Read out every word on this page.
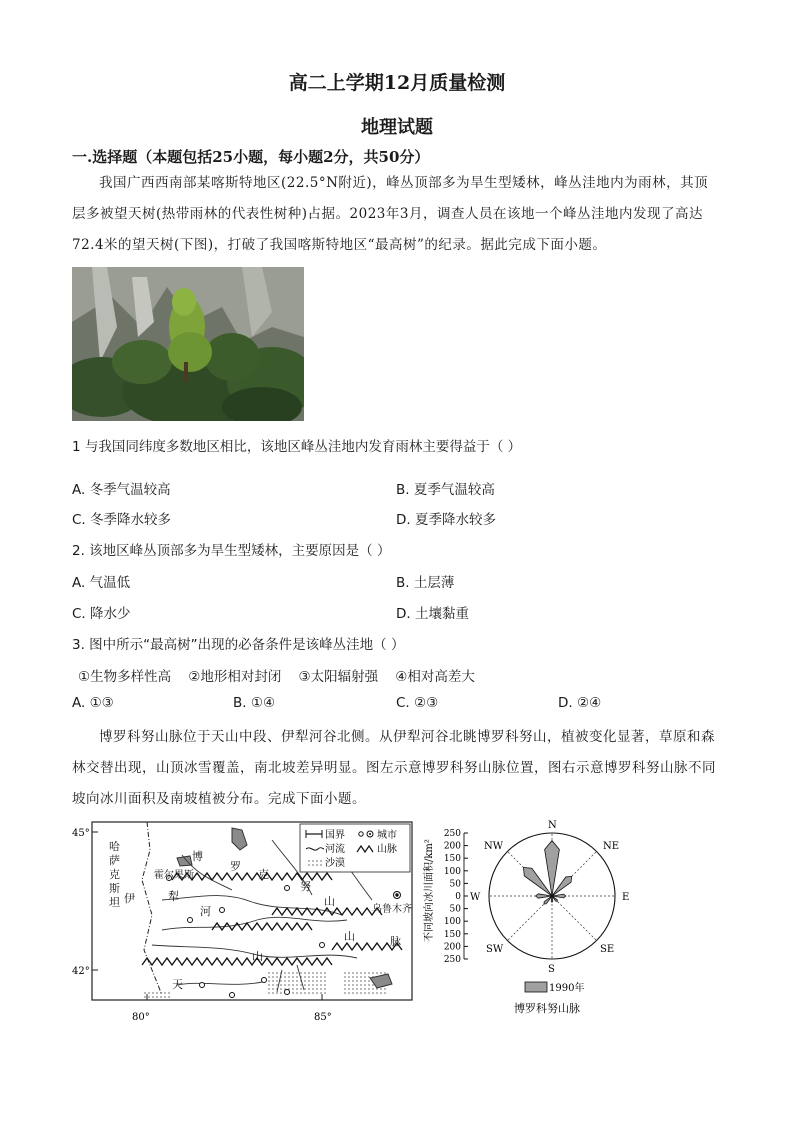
高二上学期12月质量检测
地理试题
一.选择题（本题包括25小题，每小题2分，共50分）
我国广西西南部某喀斯特地区(22.5°N附近)，峰丛顶部多为旱生型矮林，峰丛洼地内为雨林，其顶层多被望天树(热带雨林的代表性树种)占据。2023年3月，调查人员在该地一个峰丛洼地内发现了高达72.4米的望天树(下图)，打破了我国喀斯特地区“最高树”的纪录。据此完成下面小题。
1 与我国同纬度多数地区相比，该地区峰丛洼地内发育雨林主要得益于（ ）
A. 冬季气温较高	B. 夏季气温较高
C. 冬季降水较多	D. 夏季降水较多
2. 该地区峰丛顶部多为旱生型矮林，主要原因是（ ）
A. 气温低	B. 土层薄
C. 降水少	D. 土壤黏重
3. 图中所示“最高树”出现的必备条件是该峰丛洼地（ ）
①生物多样性高    ②地形相对封闭    ③太阳辐射强    ④相对高差大
A. ①③	B. ①④	C. ②③	D. ②④
博罗科努山脉位于天山中段、伊犁河谷北侧。从伊犁河谷北眺博罗科努山，植被变化显著，草原和森林交替出现，山顶冰雪覆盖，南北坡差异明显。图左示意博罗科努山脉位置，图右示意博罗科努山脉不同坡向冰川面积及南坡植被分布。完成下面小题。
45°
42°
80°	85°
哈
萨
克
斯
坦
霍尔果斯
伊	犁
河
博
罗
克
努
山
山	脉
天
山
乌鲁木齐
国界	城市
河流	山脉
沙漠
250
200
150
100
50
0
50
100
150
200
250
不同坡向冰川面积/km²
N
NE
E
SE
S
SW
W
NW
1990年
博罗科努山脉
